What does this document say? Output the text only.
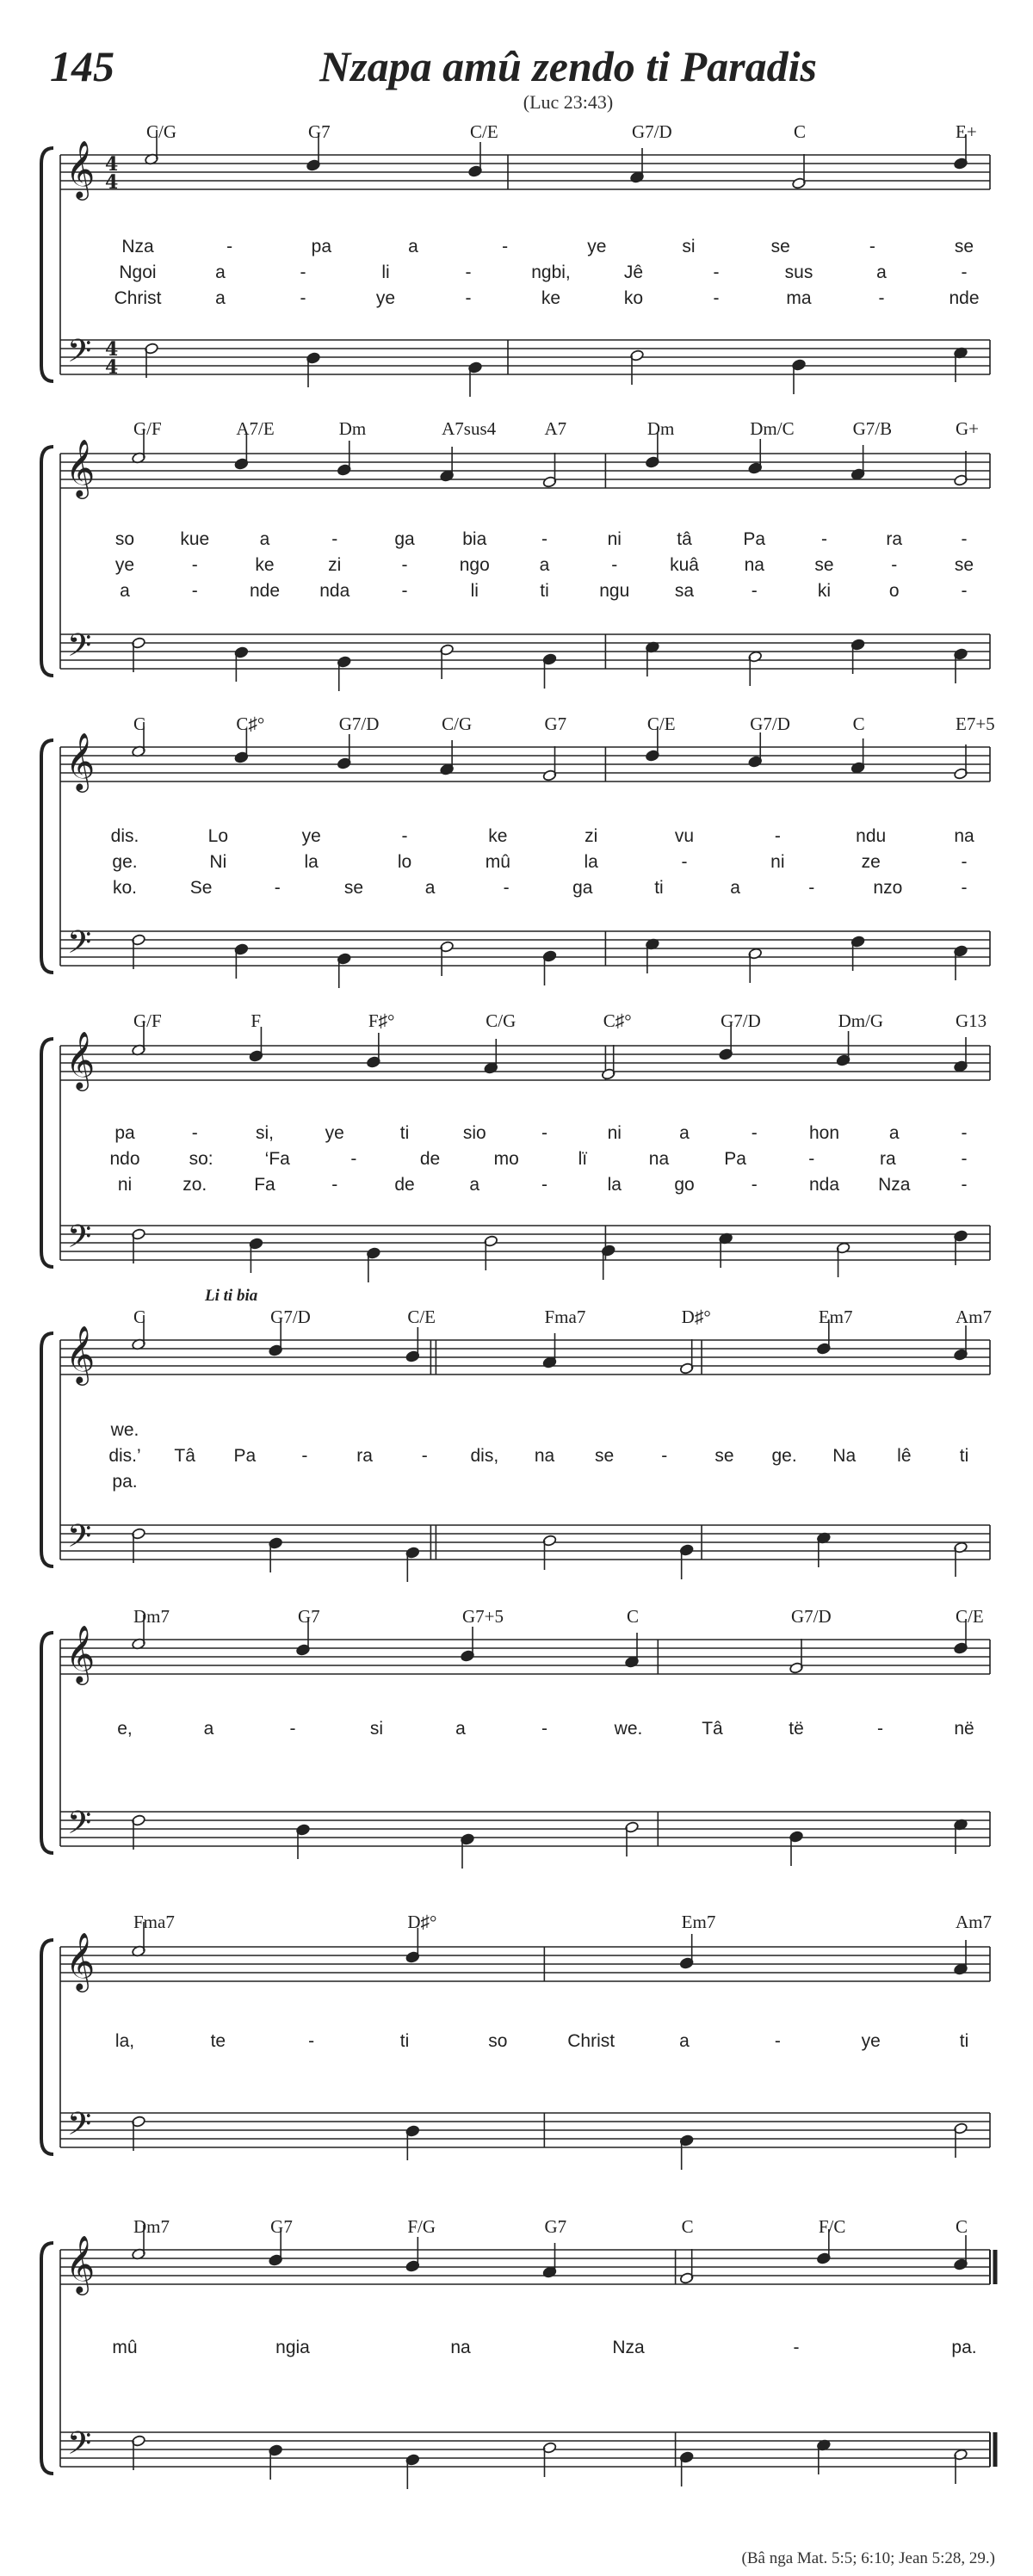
145	Nzapa amû zendo ti Paradis
(Luc 23:43)
𝄞
𝄢
4
4
4
4
C/G	G7	C/E	G7/D	C	E+
Nza	-	pa	a	-	ye	si	se	-	se
Ngoi	a	-	li	-	ngbi,	Jê	-	sus	a	-
Christ	a	-	ye	-	ke	ko	-	ma	-	nde
𝄞
𝄢
G/F	A7/E	Dm	A7sus4	A7	Dm	Dm/C	G7/B	G+
so	kue	a	-	ga	bia	-	ni	tâ	Pa	-	ra	-
ye	-	ke	zi	-	ngo	a	-	kuâ	na	se	-	se
a	-	nde nda	-	li	ti	ngu	sa	-	ki	o	-
𝄞
𝄢
C	C♯°	G7/D	C/G	G7	C/E	G7/D	C	E7+5
dis.	Lo	ye	-	ke	zi	vu	-	ndu	na
ge.	Ni	la	lo	mû	la	-	ni	ze	-
ko.	Se	-	se	a	-	ga	ti	a	-	nzo	-
𝄞
𝄢
G/F	F	F♯°	C/G	C♯°	G7/D	Dm/G	G13
pa	-	si,	ye	ti	sio	-	ni	a	-	hon	a	-
ndo	so:	‘Fa	-	de	mo	lï	na	Pa	-	ra	-
ni	zo.	Fa	-	de	a	-	la	go	-	nda Nza	-
𝄞
𝄢
C	G7/D	C/E	Fma7	D♯°	Em7	Am7
Li ti bia
we.
dis.’ Tâ Pa	-	ra	- dis, na se	-	se ge. Na lê	ti
pa.
𝄞
𝄢
Dm7	G7	G7+5	C	G7/D	C/E
e,	a	-	si	a	-	we.	Tâ	të	-	në
𝄞
𝄢
Fma7	D♯°	Em7	Am7
la,	te	-	ti	so	Christ	a	-	ye	ti
𝄞
𝄢
Dm7	G7	F/G	G7	C	F/C	C
mû	ngia	na	Nza	-	pa.
(Bâ nga Mat. 5:5; 6:10; Jean 5:28, 29.)
